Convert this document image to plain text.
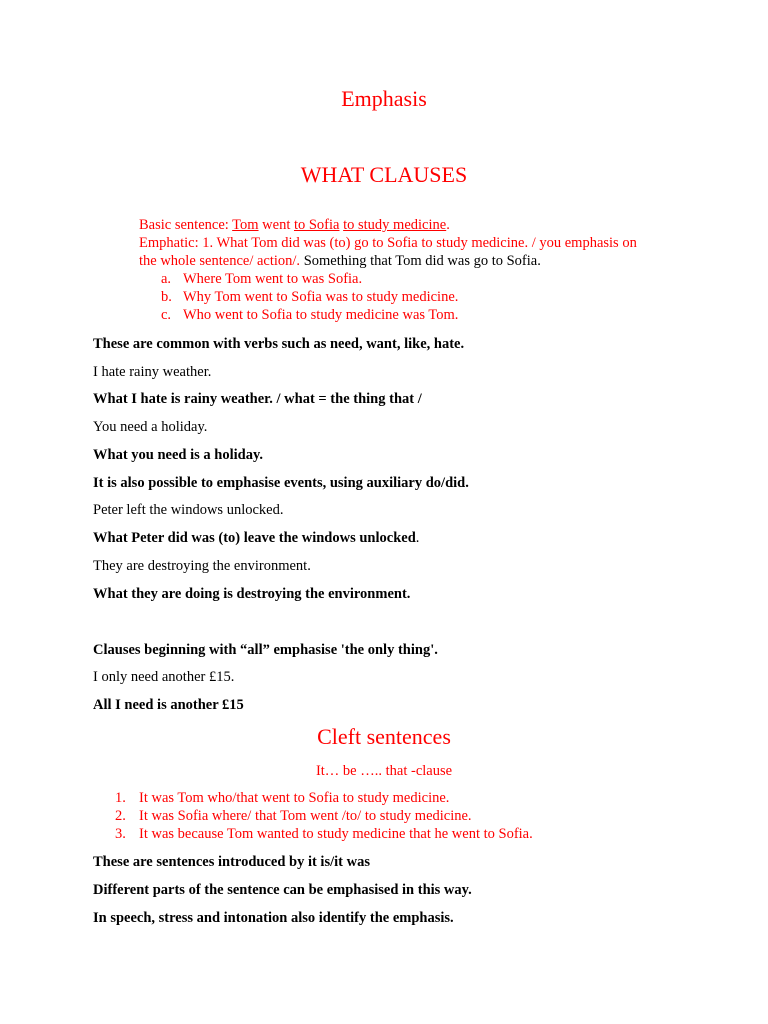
Emphasis
WHAT CLAUSES
Basic sentence: Tom went to Sofia to study medicine.
Emphatic: 1. What Tom did was (to) go to Sofia to study medicine. / you emphasis on
the whole sentence/ action/. Something that Tom did was go to Sofia.
a. Where Tom went to was Sofia.
b. Why Tom went to Sofia was to study medicine.
c. Who went to Sofia to study medicine was Tom.
These are common with verbs such as need, want, like, hate.
I hate rainy weather.
What I hate is rainy weather. / what = the thing that /
You need a holiday.
What you need is a holiday.
It is also possible to emphasise events, using auxiliary do/did.
Peter left the windows unlocked.
What Peter did was (to) leave the windows unlocked.
They are destroying the environment.
What they are doing is destroying the environment.
Clauses beginning with “all” emphasise 'the only thing'.
I only need another £15.
All I need is another £15
Cleft sentences
It… be ….. that -clause
1. It was Tom who/that went to Sofia to study medicine.
2. It was Sofia where/ that Tom went /to/ to study medicine.
3. It was because Tom wanted to study medicine that he went to Sofia.
These are sentences introduced by it is/it was
Different parts of the sentence can be emphasised in this way.
In speech, stress and intonation also identify the emphasis.
